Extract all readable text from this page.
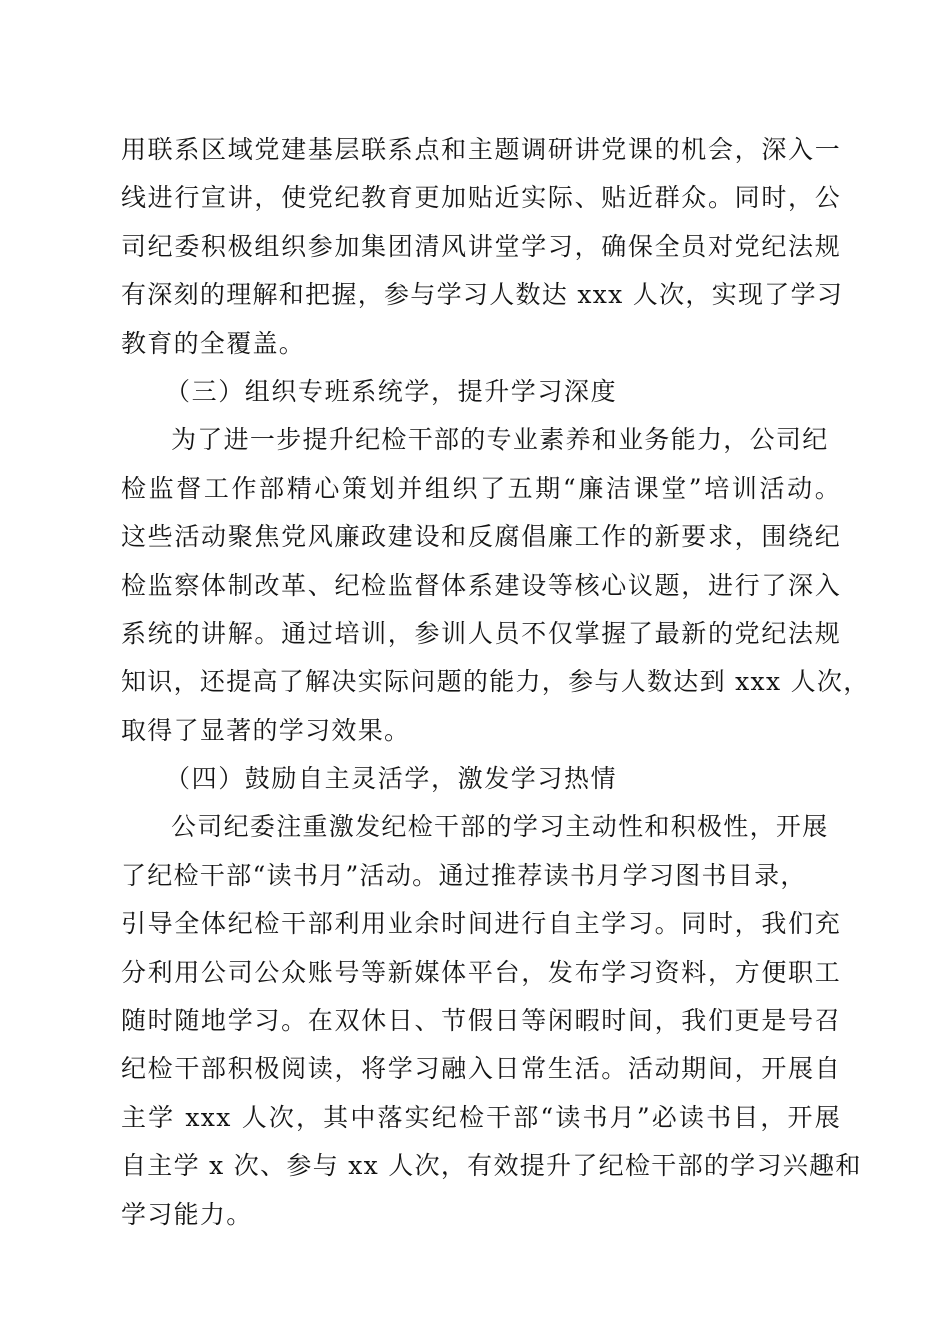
用联系区域党建基层联系点和主题调研讲党课的机会，深入一
线进行宣讲，使党纪教育更加贴近实际、贴近群众。同时，公
司纪委积极组织参加集团清风讲堂学习，确保全员对党纪法规
有深刻的理解和把握，参与学习人数达 xxx 人次，实现了学习
教育的全覆盖。
（三）组织专班系统学，提升学习深度
为了进一步提升纪检干部的专业素养和业务能力，公司纪
检监督工作部精心策划并组织了五期“廉洁课堂”培训活动。
这些活动聚焦党风廉政建设和反腐倡廉工作的新要求，围绕纪
检监察体制改革、纪检监督体系建设等核心议题，进行了深入
系统的讲解。通过培训，参训人员不仅掌握了最新的党纪法规
知识，还提高了解决实际问题的能力，参与人数达到 xxx 人次，
取得了显著的学习效果。
（四）鼓励自主灵活学，激发学习热情
公司纪委注重激发纪检干部的学习主动性和积极性，开展
了纪检干部“读书月”活动。通过推荐读书月学习图书目录，
引导全体纪检干部利用业余时间进行自主学习。同时，我们充
分利用公司公众账号等新媒体平台，发布学习资料，方便职工
随时随地学习。在双休日、节假日等闲暇时间，我们更是号召
纪检干部积极阅读，将学习融入日常生活。活动期间，开展自
主学 xxx 人次，其中落实纪检干部“读书月”必读书目，开展
自主学 x 次、参与 xx 人次，有效提升了纪检干部的学习兴趣和
学习能力。
